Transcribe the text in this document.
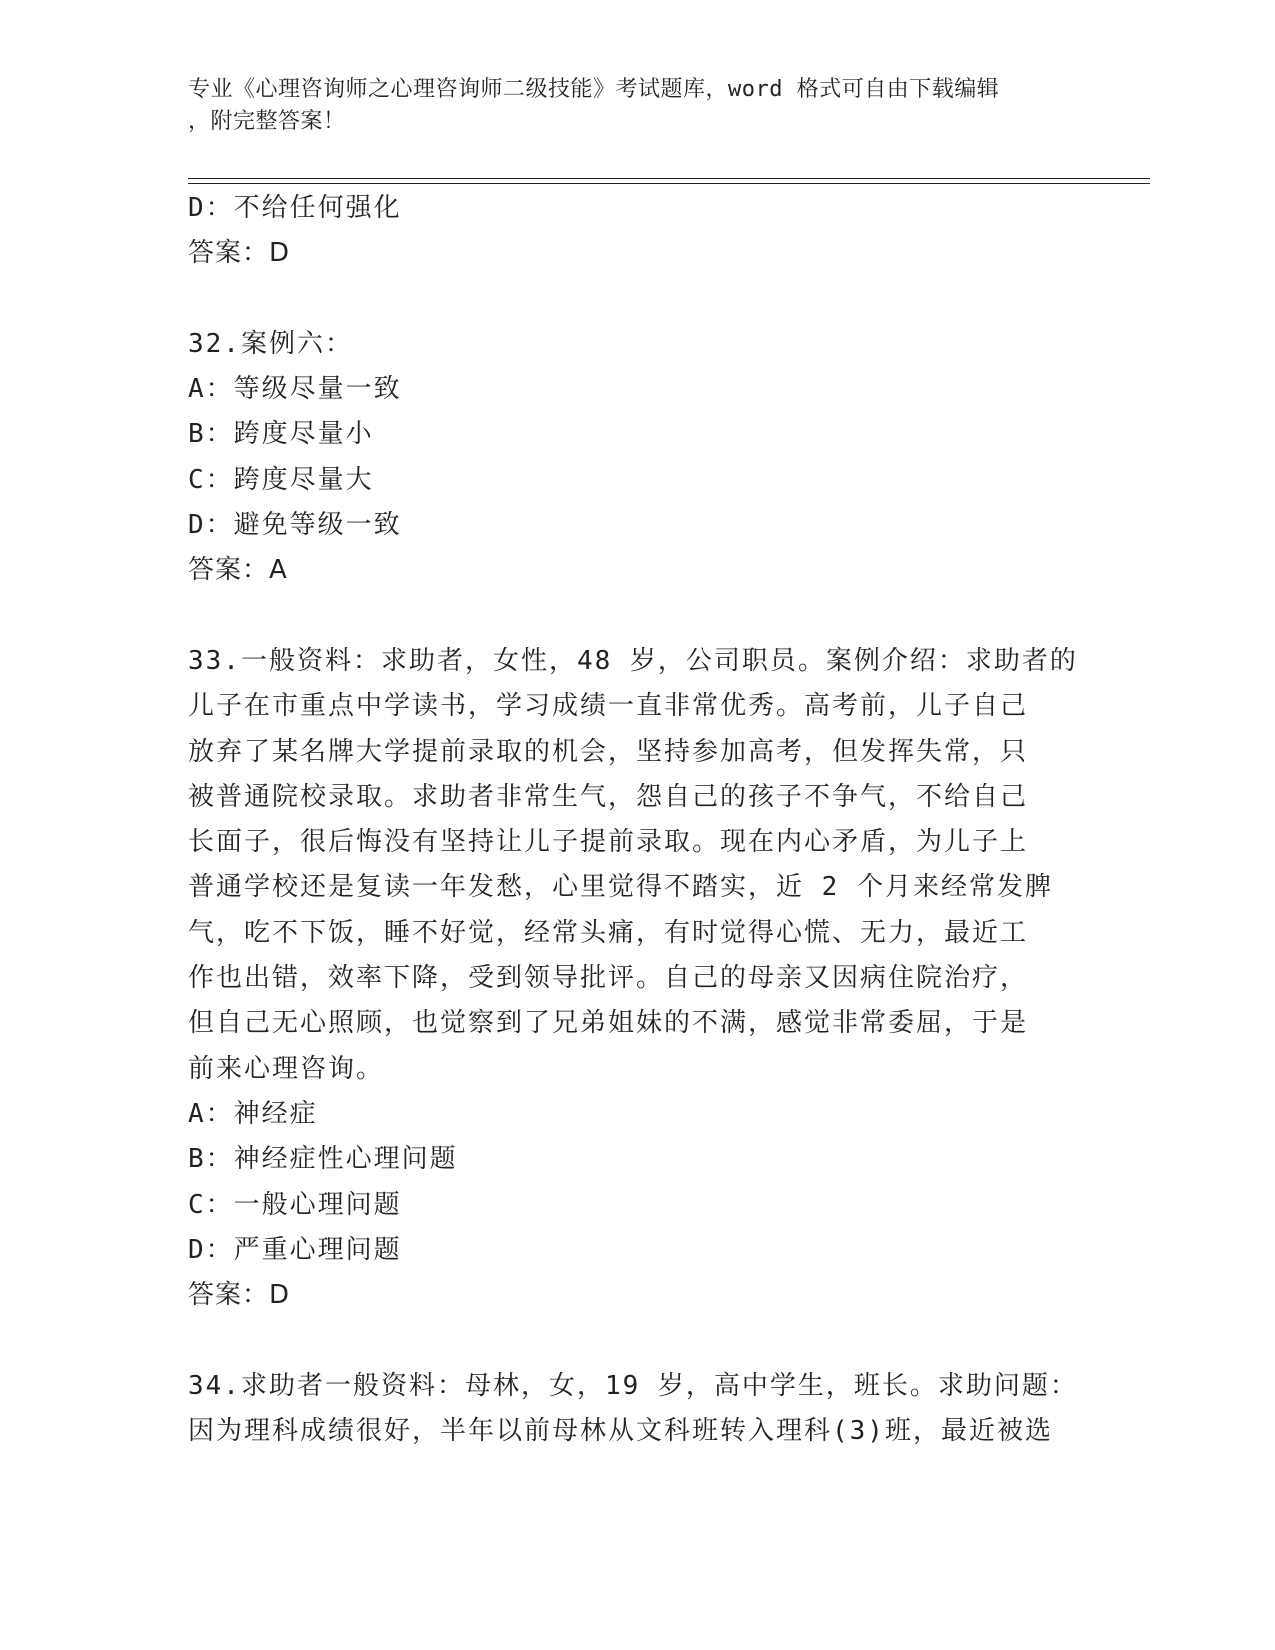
专业《心理咨询师之心理咨询师二级技能》考试题库，word 格式可自由下载编辑
，附完整答案！
D：不给任何强化
答案：D
32.案例六：
A：等级尽量一致
B：跨度尽量小
C：跨度尽量大
D：避免等级一致
答案：A
33.一般资料：求助者，女性，48 岁，公司职员。案例介绍：求助者的
儿子在市重点中学读书，学习成绩一直非常优秀。高考前，儿子自己
放弃了某名牌大学提前录取的机会，坚持参加高考，但发挥失常，只
被普通院校录取。求助者非常生气，怨自己的孩子不争气，不给自己
长面子，很后悔没有坚持让儿子提前录取。现在内心矛盾，为儿子上
普通学校还是复读一年发愁，心里觉得不踏实，近 2 个月来经常发脾
气，吃不下饭，睡不好觉，经常头痛，有时觉得心慌、无力，最近工
作也出错，效率下降，受到领导批评。自己的母亲又因病住院治疗，
但自己无心照顾，也觉察到了兄弟姐妹的不满，感觉非常委屈，于是
前来心理咨询。
A：神经症
B：神经症性心理问题
C：一般心理问题
D：严重心理问题
答案：D
34.求助者一般资料：母林，女，19 岁，高中学生，班长。求助问题：
因为理科成绩很好，半年以前母林从文科班转入理科(3)班，最近被选
